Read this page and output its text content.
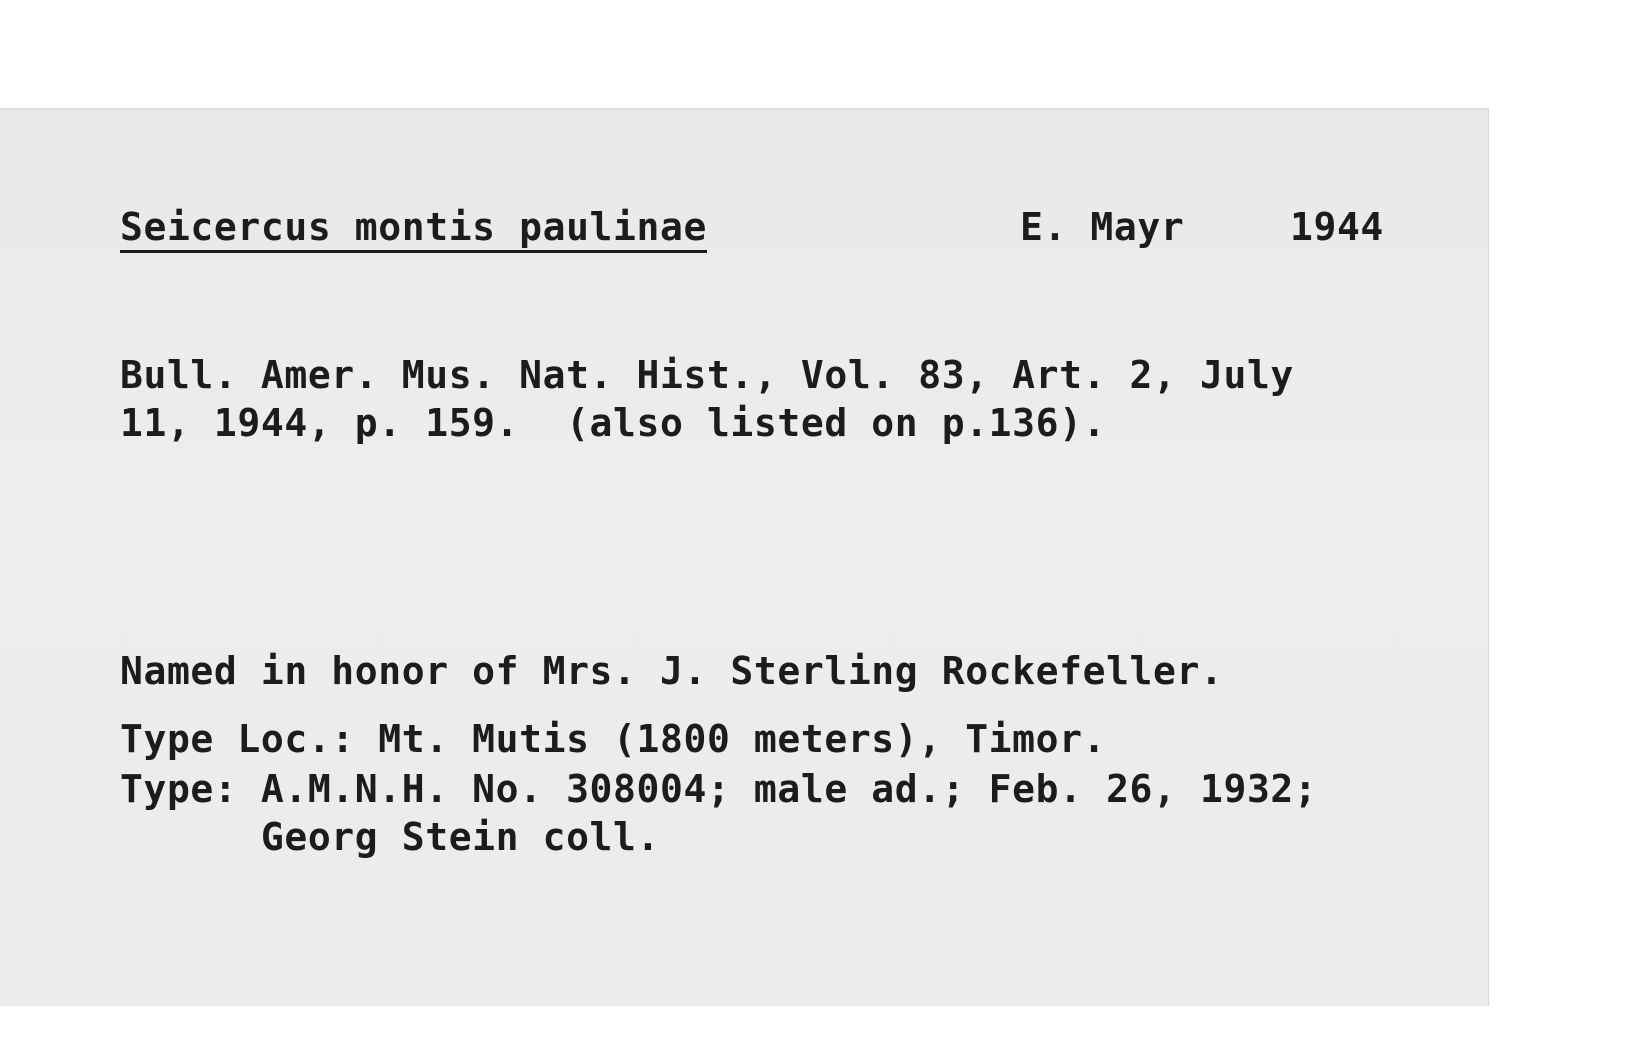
Seicercus montis paulinae	E. Mayr	1944
Bull. Amer. Mus. Nat. Hist., Vol. 83, Art. 2, July
11, 1944, p. 159.  (also listed on p.136).
Named in honor of Mrs. J. Sterling Rockefeller.
Type Loc.: Mt. Mutis (1800 meters), Timor.
Type: A.M.N.H. No. 308004; male ad.; Feb. 26, 1932;
Georg Stein coll.
